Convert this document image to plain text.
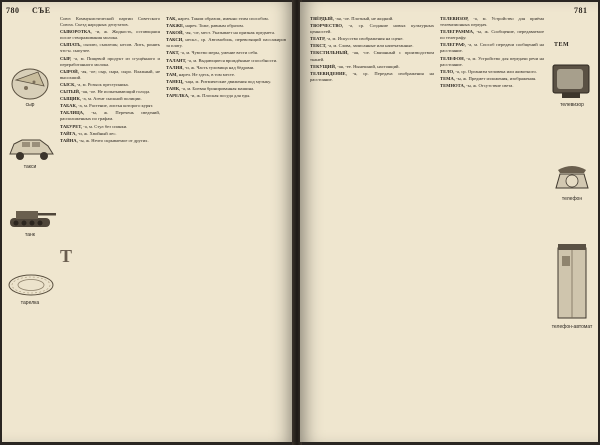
780 СЪЕ
Союз Коммунистической партии Советского Союза. Съезд народных депутатов.
СЫВОРОТКА, -и, ж. Жидкость, остающаяся после створаживания молока.
СЫПАТЬ, сыплю, сыплешь; несов. Лить, ронять что-н. сыпучее.
СЫР, -а, м. Пищевой продукт из сгущённого и переработанного молока.
СЫРОЙ, -ая, -ое; сыр, сыра, сыро. Влажный, не высохший.
СЫСК, -а, м. Розыск преступника.
СЫТЫЙ, -ая, -ое. Не испытывающий голода.
СЫЩИК, -а, м. Агент сыскной полиции.
ТАБАК, -а, м. Растение, листья которого курят.
ТАБЛИЦА, -ы, ж. Перечень сведений, расположенных по графам.
ТАБУРЕТ, -а, м. Стул без спинки.
ТАЙГА, -и, ж. Хвойный лес.
ТАЙНА, -ы, ж. Нечто скрываемое от других.
ТАК, нареч. Таким образом, именно этим способом.
ТАКЖЕ, нареч. Тоже, равным образом.
ТАКОЙ, -ая, -ое, мест. Указывает на признак предмета.
ТАКСИ, нескл., ср. Автомобиль, перевозящий пассажиров за плату.
ТАКТ, -а, м. Чувство меры, умение вести себя.
ТАЛАНТ, -а, м. Выдающиеся врождённые способности.
ТАЛИЯ, -и, ж. Часть туловища над бёдрами.
ТАМ, нареч. Не здесь, в том месте.
ТАНЕЦ, -нца, м. Ритмические движения под музыку.
ТАНК, -а, м. Боевая бронированная машина.
ТАРЕЛКА, -и, ж. Плоская посуда для еды.
сыр
такси
танк
Т
тарелка
781
ТВЁРДЫЙ, -ая, -ое. Плотный, не жидкий.
ТВОРЧЕСТВО, -а, ср. Создание новых культурных ценностей.
ТЕАТР, -а, м. Искусство изображения на сцене.
ТЕКСТ, -а, м. Слова, записанные или напечатанные.
ТЕКСТИЛЬНЫЙ, -ая, -ое. Связанный с производством тканей.
ТЕКУЩИЙ, -ая, -ее. Нынешний, настоящий.
ТЕЛЕВИДЕНИЕ, -я, ср. Передача изображения на расстояние.
ТЕЛЕВИЗОР, -а, м. Устройство для приёма телевизионных передач.
ТЕЛЕГРАММА, -ы, ж. Сообщение, передаваемое по телеграфу.
ТЕЛЕГРАФ, -а, м. Способ передачи сообщений на расстояние.
ТЕЛЕФОН, -а, м. Устройство для передачи речи на расстояние.
ТЕЛО, -а, ср. Организм человека или животного.
ТЕМА, -ы, ж. Предмет изложения, изображения.
ТЕМНОТА, -ы, ж. Отсутствие света.
ТЕМ
телевизор
телефон
телефон-автомат
